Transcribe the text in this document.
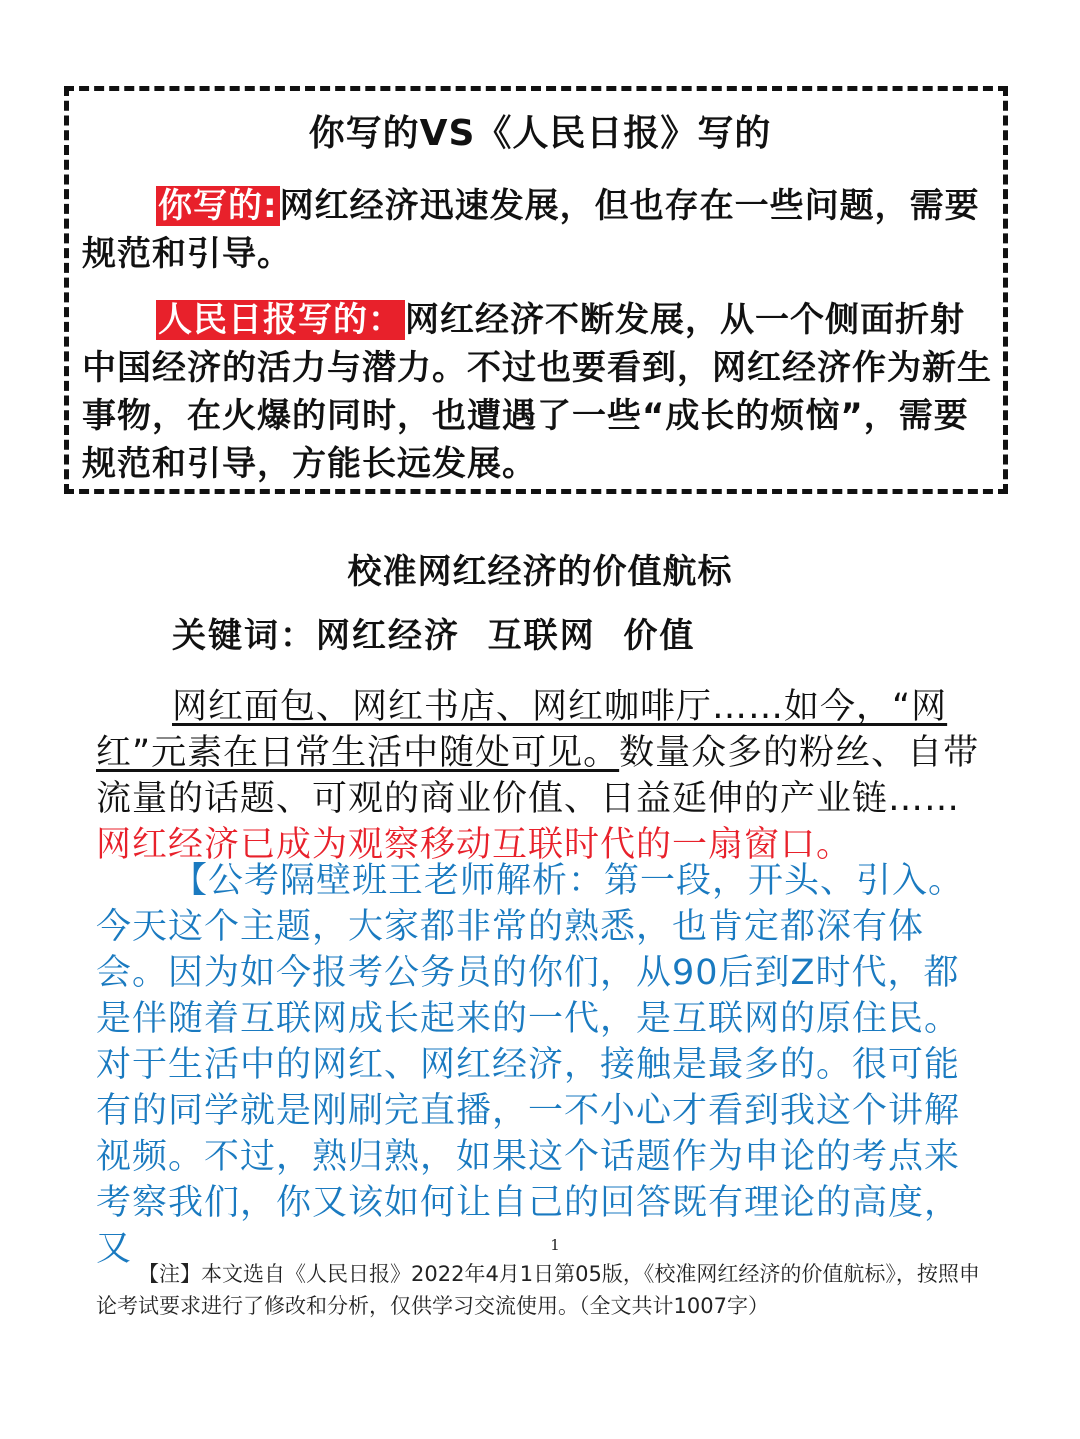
你写的VS《人民日报》写的
你写的:网红经济迅速发展，但也存在一些问题，需要规范和引导。
人民日报写的：网红经济不断发展，从一个侧面折射中国经济的活力与潜力。不过也要看到，网红经济作为新生事物，在火爆的同时，也遭遇了一些“成长的烦恼”，需要规范和引导，方能长远发展。
校准网红经济的价值航标
关键词：网红经济  互联网  价值
网红面包、网红书店、网红咖啡厅……如今，“网红”元素在日常生活中随处可见。数量众多的粉丝、自带流量的话题、可观的商业价值、日益延伸的产业链……网红经济已成为观察移动互联时代的一扇窗口。
【公考隔壁班王老师解析：第一段，开头、引入。今天这个主题，大家都非常的熟悉，也肯定都深有体会。因为如今报考公务员的你们，从90后到Z时代，都是伴随着互联网成长起来的一代，是互联网的原住民。对于生活中的网红、网红经济，接触是最多的。很可能有的同学就是刚刷完直播，一不小心才看到我这个讲解视频。不过，熟归熟，如果这个话题作为申论的考点来考察我们，你又该如何让自己的回答既有理论的高度，又	1
【注】本文选自《人民日报》2022年4月1日第05版，《校准网红经济的价值航标》，按照申论考试要求进行了修改和分析，仅供学习交流使用。（全文共计1007字）
